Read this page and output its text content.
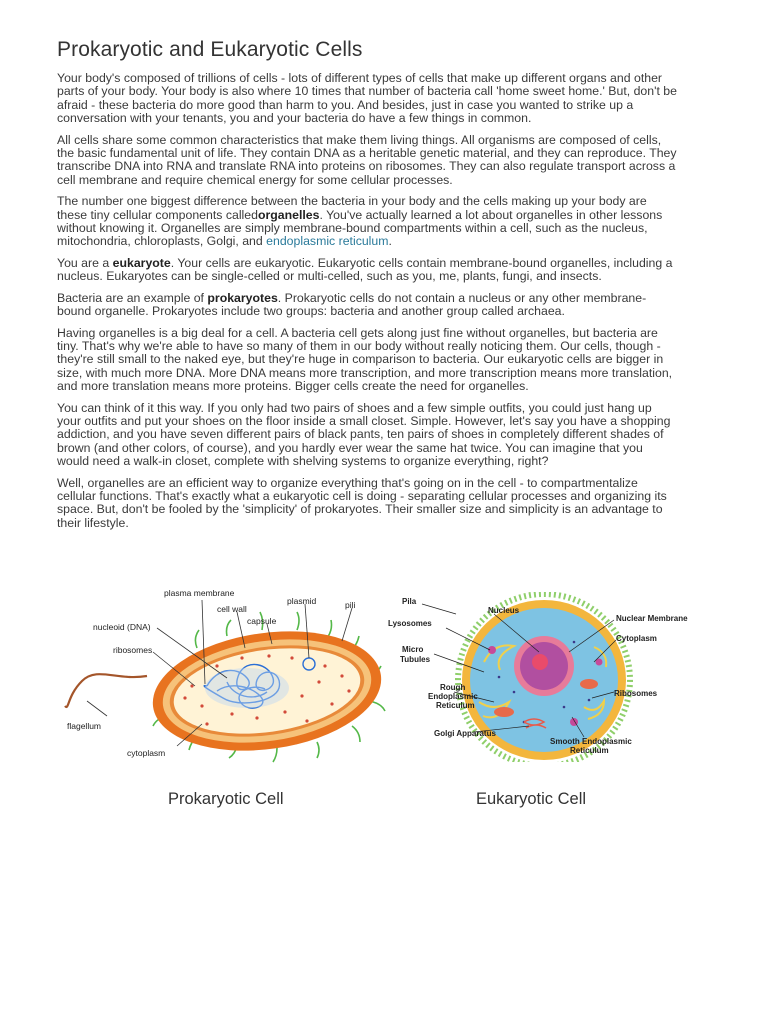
Prokaryotic and Eukaryotic Cells

Your body's composed of trillions of cells - lots of different types of cells that make up different organs and other parts of your body. Your body is also where 10 times that number of bacteria call 'home sweet home.' But, don't be afraid - these bacteria do more good than harm to you. And besides, just in case you wanted to strike up a conversation with your tenants, you and your bacteria do have a few things in common.

All cells share some common characteristics that make them living things. All organisms are composed of cells, the basic fundamental unit of life. They contain DNA as a heritable genetic material, and they can reproduce. They transcribe DNA into RNA and translate RNA into proteins on ribosomes. They can also regulate transport across a cell membrane and require chemical energy for some cellular processes.

The number one biggest difference between the bacteria in your body and the cells making up your body are these tiny cellular components calledorganelles. You've actually learned a lot about organelles in other lessons without knowing it. Organelles are simply membrane-bound compartments within a cell, such as the nucleus, mitochondria, chloroplasts, Golgi, and endoplasmic reticulum.

You are a eukaryote. Your cells are eukaryotic. Eukaryotic cells contain membrane-bound organelles, including a nucleus. Eukaryotes can be single-celled or multi-celled, such as you, me, plants, fungi, and insects.

Bacteria are an example of prokaryotes. Prokaryotic cells do not contain a nucleus or any other membrane-bound organelle. Prokaryotes include two groups: bacteria and another group called archaea.

Having organelles is a big deal for a cell. A bacteria cell gets along just fine without organelles, but bacteria are tiny. That's why we're able to have so many of them in our body without really noticing them. Our cells, though - they're still small to the naked eye, but they're huge in comparison to bacteria. Our eukaryotic cells are bigger in size, with much more DNA. More DNA means more transcription, and more transcription means more translation, and more translation means more proteins. Bigger cells create the need for organelles.

You can think of it this way. If you only had two pairs of shoes and a few simple outfits, you could just hang up your outfits and put your shoes on the floor inside a small closet. Simple. However, let's say you have a shopping addiction, and you have seven different pairs of black pants, ten pairs of shoes in completely different shades of brown (and other colors, of course), and you hardly ever wear the same hat twice. You can imagine that you would need a walk-in closet, complete with shelving systems to organize everything, right?

Well, organelles are an efficient way to organize everything that's going on in the cell - to compartmentalize cellular functions. That's exactly what a eukaryotic cell is doing - separating cellular processes and organizing its space. But, don't be fooled by the 'simplicity' of prokaryotes. Their smaller size and simplicity is an advantage to their lifestyle.

plasma membrane
cell wall
plasmid	pili
nucleoid (DNA)
capsule
ribosomes
flagellum
cytoplasm
Pila
Nucleus
Nuclear Membrane
Lysosomes
Cytoplasm
Micro
Tubules
Ribosomes
Rough
Endoplasmic
Reticulum
Golgi Apparatus
Smooth Endoplasmic
Reticulum
Prokaryotic Cell	Eukaryotic Cell
